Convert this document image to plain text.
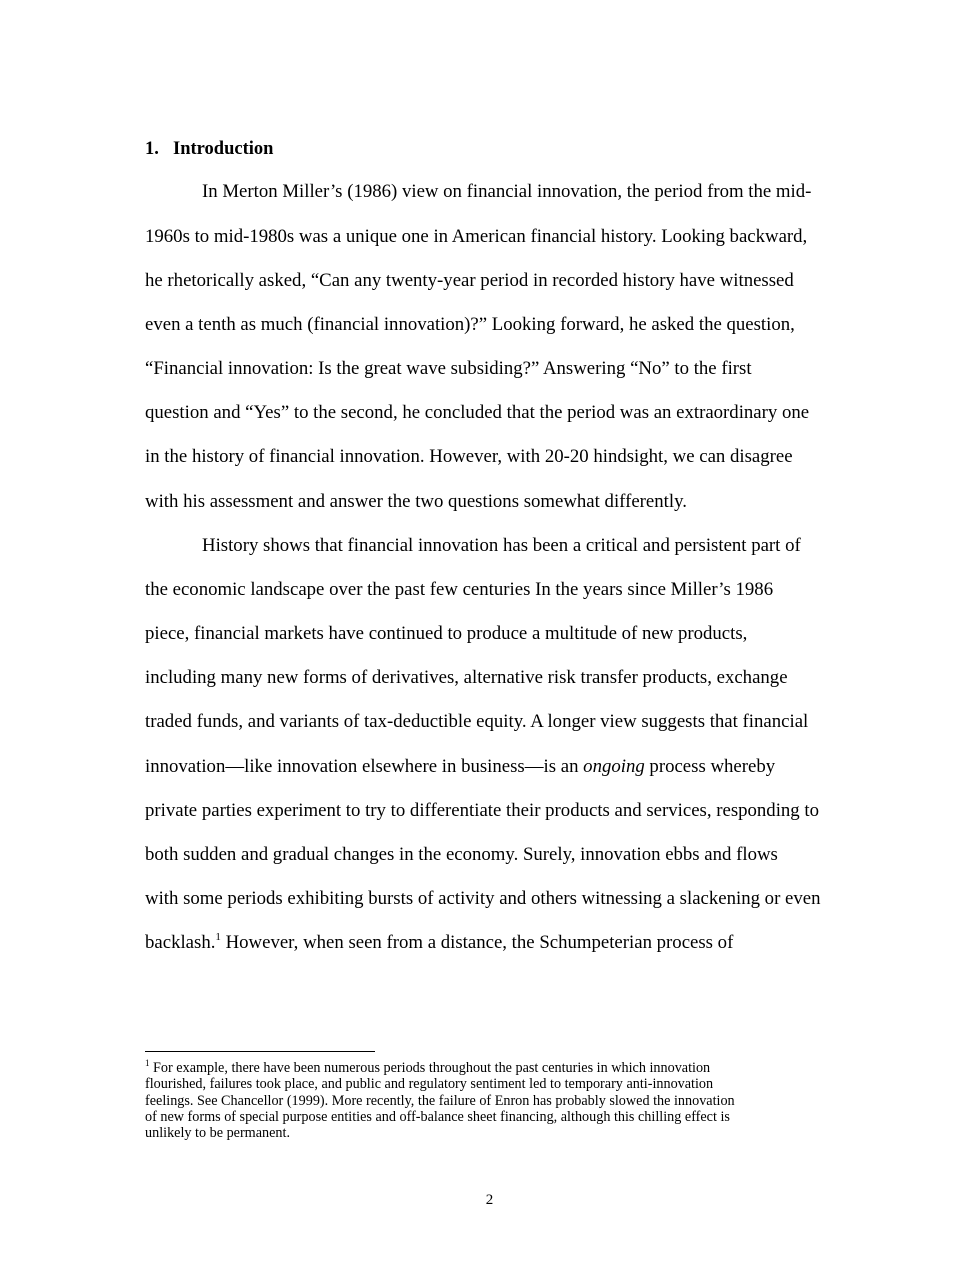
1. Introduction
In Merton Miller’s (1986) view on financial innovation, the period from the mid-
1960s to mid-1980s was a unique one in American financial history. Looking backward,
he rhetorically asked, “Can any twenty-year period in recorded history have witnessed
even a tenth as much (financial innovation)?” Looking forward, he asked the question,
“Financial innovation: Is the great wave subsiding?” Answering “No” to the first
question and “Yes” to the second, he concluded that the period was an extraordinary one
in the history of financial innovation. However, with 20-20 hindsight, we can disagree
with his assessment and answer the two questions somewhat differently.
History shows that financial innovation has been a critical and persistent part of
the economic landscape over the past few centuries In the years since Miller’s 1986
piece, financial markets have continued to produce a multitude of new products,
including many new forms of derivatives, alternative risk transfer products, exchange
traded funds, and variants of tax-deductible equity. A longer view suggests that financial
innovation—like innovation elsewhere in business—is an ongoing process whereby
private parties experiment to try to differentiate their products and services, responding to
both sudden and gradual changes in the economy. Surely, innovation ebbs and flows
with some periods exhibiting bursts of activity and others witnessing a slackening or even
backlash.$^1$ However, when seen from a distance, the Schumpeterian process of
$^1$ For example, there have been numerous periods throughout the past centuries in which innovation
flourished, failures took place, and public and regulatory sentiment led to temporary anti-innovation
feelings. See Chancellor (1999). More recently, the failure of Enron has probably slowed the innovation
of new forms of special purpose entities and off-balance sheet financing, although this chilling effect is
unlikely to be permanent.
2
